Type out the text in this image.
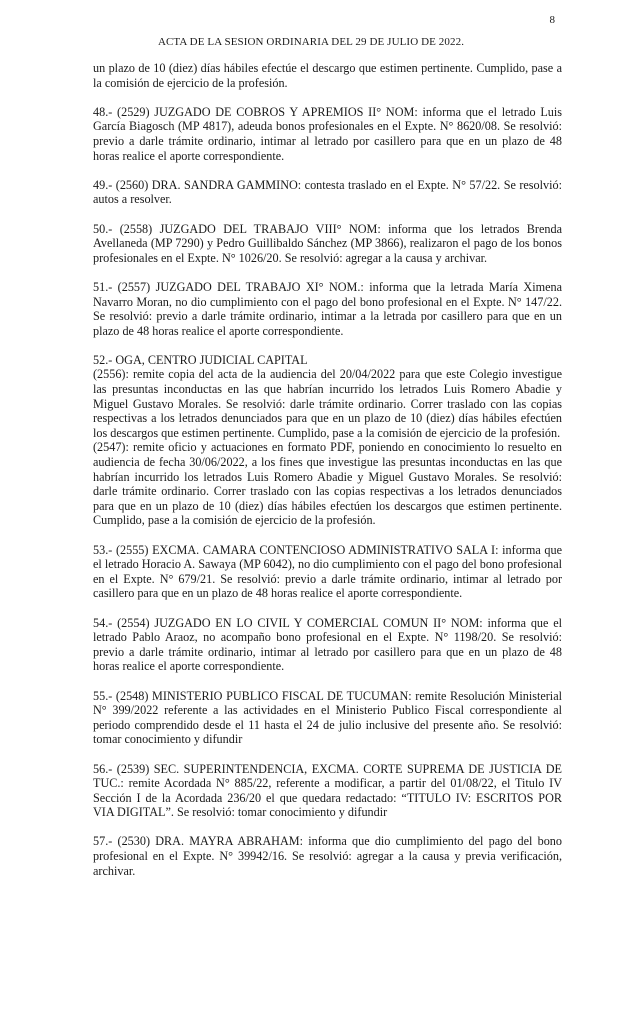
8
ACTA DE LA SESION ORDINARIA DEL 29 DE JULIO DE 2022.

un plazo de 10 (diez) días hábiles efectúe el descargo que estimen pertinente. Cumplido, pase a la comisión de ejercicio de la profesión.

48.- (2529) JUZGADO DE COBROS Y APREMIOS II° NOM: informa que el letrado Luis García Biagosch (MP 4817), adeuda bonos profesionales en el Expte. N° 8620/08. Se resolvió: previo a darle trámite ordinario, intimar al letrado por casillero para que en un plazo de 48 horas realice el aporte correspondiente.

49.- (2560) DRA. SANDRA GAMMINO: contesta traslado en el Expte. N° 57/22. Se resolvió: autos a resolver.

50.- (2558) JUZGADO DEL TRABAJO VIII° NOM: informa que los letrados Brenda Avellaneda (MP 7290) y Pedro Guillibaldo Sánchez (MP 3866), realizaron el pago de los bonos profesionales en el Expte. N° 1026/20. Se resolvió: agregar a la causa y archivar.

51.- (2557) JUZGADO DEL TRABAJO XI° NOM.: informa que la letrada María Ximena Navarro Moran, no dio cumplimiento con el pago del bono profesional en el Expte. N° 147/22. Se resolvió: previo a darle trámite ordinario, intimar a la letrada por casillero para que en un plazo de 48 horas realice el aporte correspondiente.

52.- OGA, CENTRO JUDICIAL CAPITAL

(2556): remite copia del acta de la audiencia del 20/04/2022 para que este Colegio investigue las presuntas inconductas en las que habrían incurrido los letrados Luis Romero Abadie y Miguel Gustavo Morales. Se resolvió: darle trámite ordinario. Correr traslado con las copias respectivas a los letrados denunciados para que en un plazo de 10 (diez) días hábiles efectúen los descargos que estimen pertinente. Cumplido, pase a la comisión de ejercicio de la profesión.

(2547): remite oficio y actuaciones en formato PDF, poniendo en conocimiento lo resuelto en audiencia de fecha 30/06/2022, a los fines que investigue las presuntas inconductas en las que habrían incurrido los letrados Luis Romero Abadie y Miguel Gustavo Morales. Se resolvió: darle trámite ordinario. Correr traslado con las copias respectivas a los letrados denunciados para que en un plazo de 10 (diez) días hábiles efectúen los descargos que estimen pertinente. Cumplido, pase a la comisión de ejercicio de la profesión.

53.- (2555) EXCMA. CAMARA CONTENCIOSO ADMINISTRATIVO SALA I: informa que el letrado Horacio A. Sawaya (MP 6042), no dio cumplimiento con el pago del bono profesional en el Expte. N° 679/21. Se resolvió: previo a darle trámite ordinario, intimar al letrado por casillero para que en un plazo de 48 horas realice el aporte correspondiente.

54.- (2554) JUZGADO EN LO CIVIL Y COMERCIAL COMUN II° NOM: informa que el letrado Pablo Araoz, no acompaño bono profesional en el Expte. N° 1198/20. Se resolvió: previo a darle trámite ordinario, intimar al letrado por casillero para que en un plazo de 48 horas realice el aporte correspondiente.

55.- (2548) MINISTERIO PUBLICO FISCAL DE TUCUMAN: remite Resolución Ministerial N° 399/2022 referente a las actividades en el Ministerio Publico Fiscal correspondiente al periodo comprendido desde el 11 hasta el 24 de julio inclusive del presente año. Se resolvió: tomar conocimiento y difundir

56.- (2539) SEC. SUPERINTENDENCIA, EXCMA. CORTE SUPREMA DE JUSTICIA DE TUC.: remite Acordada N° 885/22, referente a modificar, a partir del 01/08/22, el Titulo IV Sección I de la Acordada 236/20 el que quedara redactado: “TITULO IV: ESCRITOS POR VIA DIGITAL”. Se resolvió: tomar conocimiento y difundir

57.- (2530) DRA. MAYRA ABRAHAM: informa que dio cumplimiento del pago del bono profesional en el Expte. N° 39942/16. Se resolvió: agregar a la causa y previa verificación, archivar.
